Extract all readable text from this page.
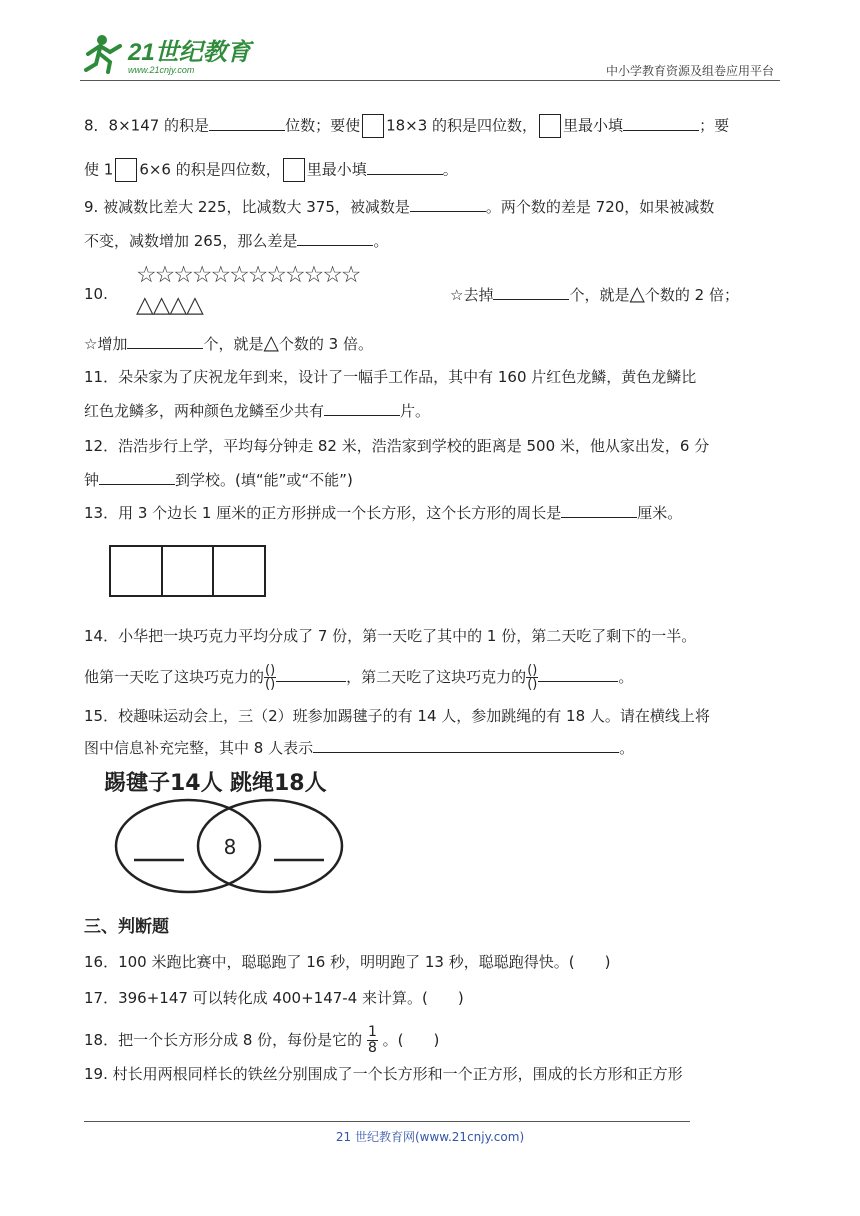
21世纪教育
www.21cnjy.com	中小学教育资源及组卷应用平台
8．8×147 的积是	位数；要使 18×3 的积是四位数， 里最小填	；要
使 1 6×6 的积是四位数， 里最小填	。
9. 被减数比差大 225，比减数大 375，被减数是	。两个数的差是 720，如果被减数
不变，减数增加 265，那么差是	。
10.
☆☆☆☆☆☆☆☆☆☆☆☆
△△△△	☆去掉	个，就是△个数的 2 倍；
☆增加	个，就是△个数的 3 倍。
11．朵朵家为了庆祝龙年到来，设计了一幅手工作品，其中有 160 片红色龙鳞，黄色龙鳞比
红色龙鳞多，两种颜色龙鳞至少共有	片。
12．浩浩步行上学，平均每分钟走 82 米，浩浩家到学校的距离是 500 米，他从家出发，6 分
钟	到学校。(填“能”或“不能”)
13．用 3 个边长 1 厘米的正方形拼成一个长方形，这个长方形的周长是	厘米。
14．小华把一块巧克力平均分成了 7 份，第一天吃了其中的 1 份，第二天吃了剩下的一半。
他第一天吃了这块巧克力的 $\frac{()}{()}$	，第二天吃了这块巧克力的 $\frac{()}{()}$	。
15．校趣味运动会上，三（2）班参加踢毽子的有 14 人，参加跳绳的有 18 人。请在横线上将
图中信息补充完整，其中 8 人表示	。
踢毽子14人 跳绳18人
8
三、判断题
16．100 米跑比赛中，聪聪跑了 16 秒，明明跑了 13 秒，聪聪跑得快。(　　)
17．396+147 可以转化成 400+147-4 来计算。(　　)
18．把一个长方形分成 8 份，每份是它的 $\frac{1}{8}$ 。(　　)
19. 村长用两根同样长的铁丝分别围成了一个长方形和一个正方形，围成的长方形和正方形
21 世纪教育网(www.21cnjy.com)
